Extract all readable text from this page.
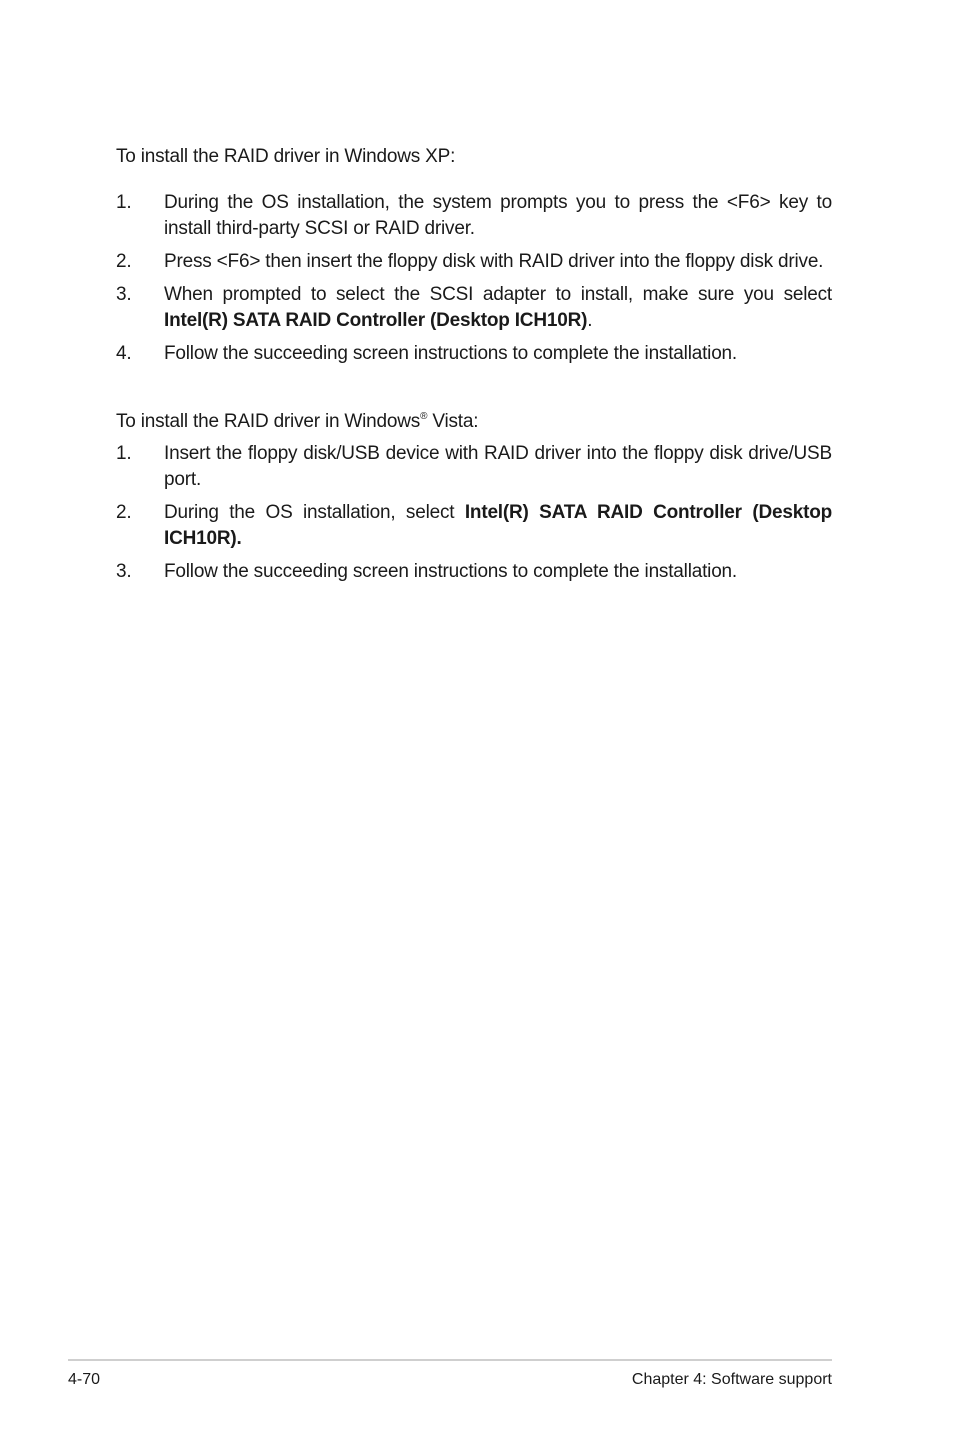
To install the RAID driver in Windows XP:

1. During the OS installation, the system prompts you to press the <F6> key to install third-party SCSI or RAID driver.
2. Press <F6> then insert the floppy disk with RAID driver into the floppy disk drive.
3. When prompted to select the SCSI adapter to install, make sure you select Intel(R) SATA RAID Controller (Desktop ICH10R).
4. Follow the succeeding screen instructions to complete the installation.

To install the RAID driver in Windows® Vista:

1. Insert the floppy disk/USB device with RAID driver into the floppy disk drive/USB port.
2. During the OS installation, select Intel(R) SATA RAID Controller (Desktop ICH10R).
3. Follow the succeeding screen instructions to complete the installation.
4-70	Chapter 4: Software support
